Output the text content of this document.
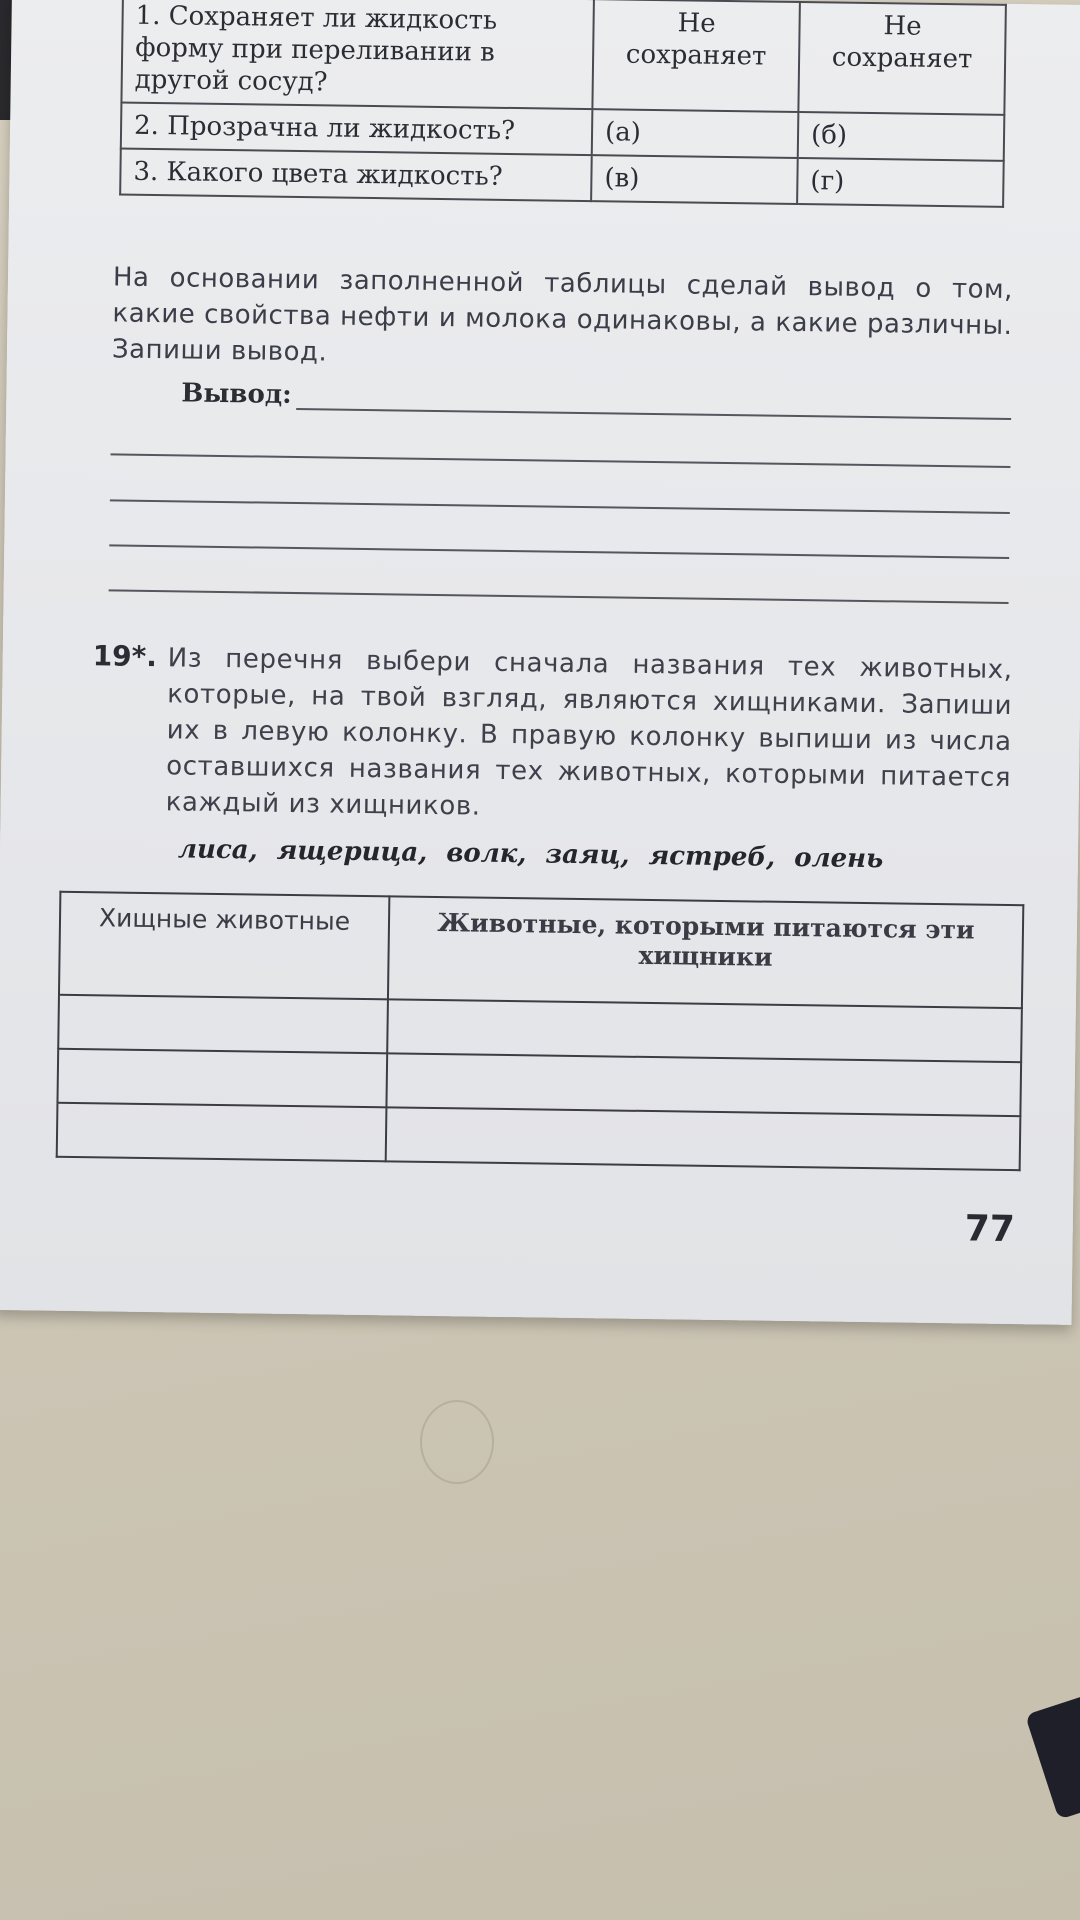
1. Сохраняет ли жидкость форму при переливании в другой сосуд?	Не сохраняет	Не сохраняет
2. Прозрачна ли жидкость?	(а)	(б)
3. Какого цвета жидкость?	(в)	(г)
На основании заполненной таблицы сделай вывод о том, какие свойства нефти и молока одинаковы, а какие различны. Запиши вывод.
Вывод:
19*. Из перечня выбери сначала названия тех животных, которые, на твой взгляд, являются хищниками. Запиши их в левую колонку. В правую колонку выпиши из числа оставшихся названия тех животных, которыми питается каждый из хищников.
лиса, ящерица, волк, заяц, ястреб, олень
Хищные животные	Животные, которыми питаются эти хищники

77
